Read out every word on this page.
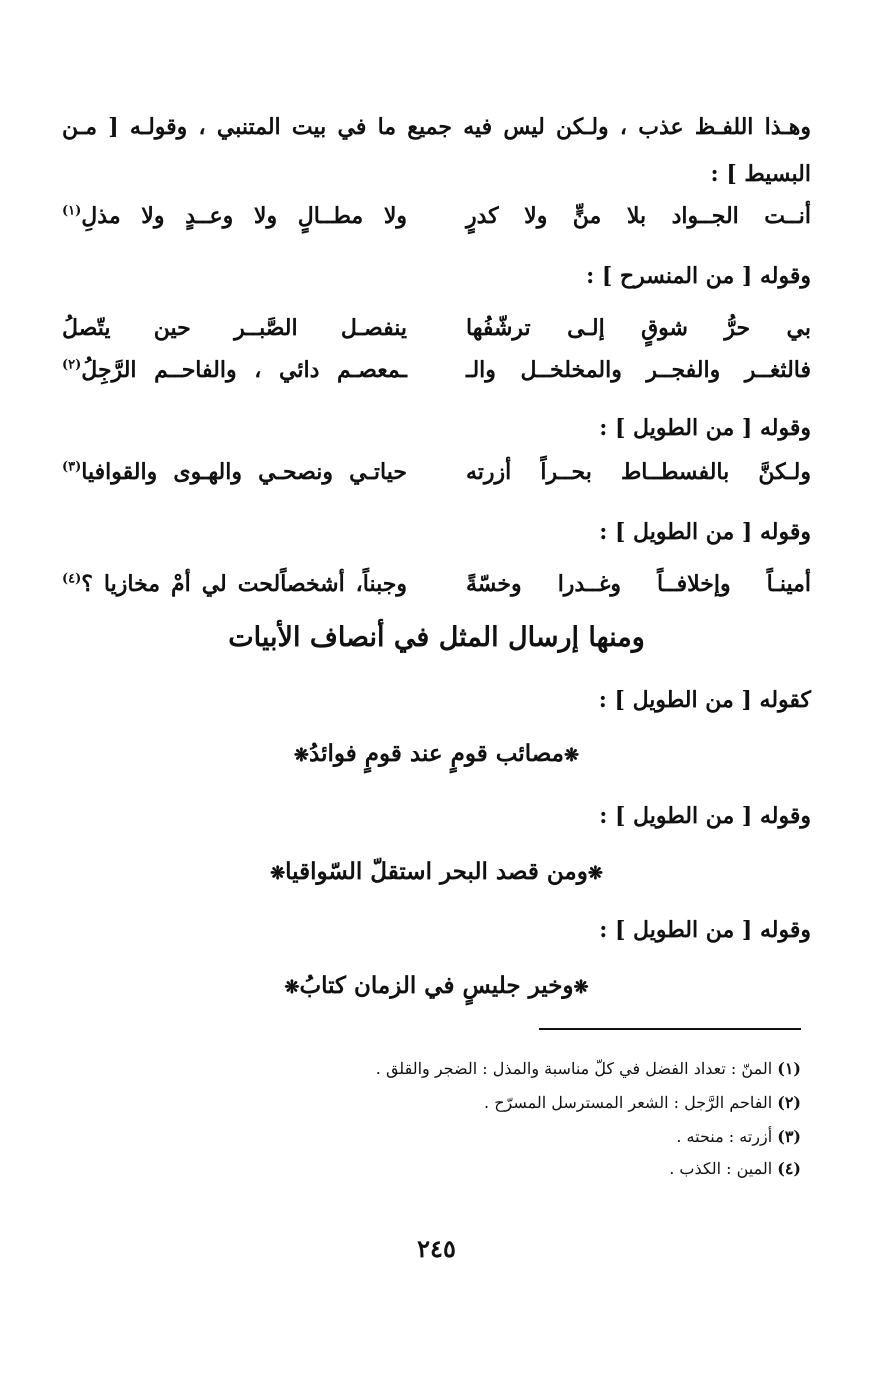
وهـذا اللفـظ عذب ، ولـكن ليس فيه جميع ما في بيت المتنبي ، وقولـه [ مـن
البسيط ] :
أنــت الجــواد بلا منٍّ ولا كدرٍ
ولا مطــالٍ ولا وعــدٍ ولا مذلِ$^{(١)}$
وقوله [ من المنسرح ] :
بي حرُّ شوقٍ إلـى ترشّفُها
ينفصـل الصَّبــر حين يتّصلُ
فالثغــر والفجــر والمخلخــل والـ
ـمعصـم دائي ، والفاحــم الرَّجِلُ$^{(٢)}$
وقوله [ من الطويل ] :
ولـكنَّ بالفسطــاط بحــراً أزرته
حياتـي ونصحـي والهـوى والقوافيا$^{(٣)}$
وقوله [ من الطويل ] :
أمينـاً وإخلافــاً وغــدرا وخسّةً
وجبناً، أشخصاًلحت لي أمْ مخازيا ؟$^{(٤)}$
ومنها إرسال المثل في أنصاف الأبيات
كقوله [ من الطويل ] :
❋مصائب قومٍ عند قومٍ فوائدُ❋
وقوله [ من الطويل ] :
❋ومن قصد البحر استقلّ السّواقيا❋
وقوله [ من الطويل ] :
❋وخير جليسٍ في الزمان كتابُ❋
(١) المنّ : تعداد الفضل في كلّ مناسبة والمذل : الضجر والقلق .
(٢) الفاحم الرَّجل : الشعر المسترسل المسرّح .
(٣) أزرته : منحته .
(٤) المين : الكذب .
٢٤٥
